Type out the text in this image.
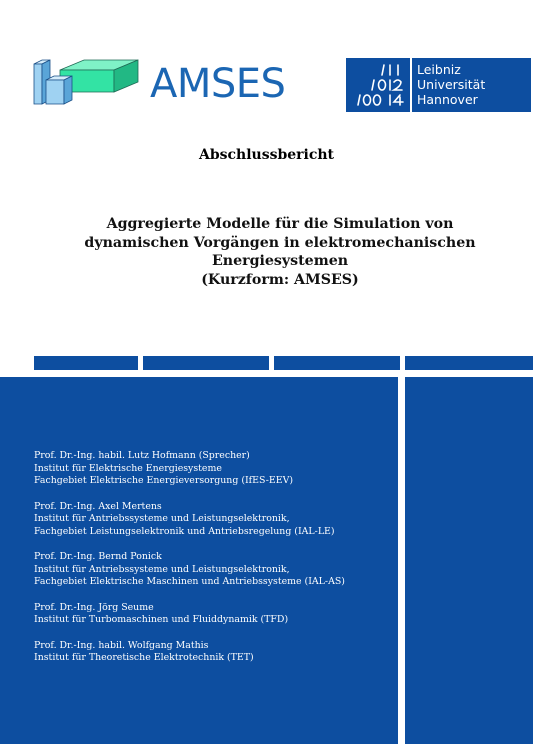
AMSES	Leibniz
Universität
Hannover
Abschlussbericht
Aggregierte Modelle für die Simulation von
dynamischen Vorgängen in elektromechanischen
Energiesystemen
(Kurzform: AMSES)
Prof. Dr.-Ing. habil. Lutz Hofmann (Sprecher)
Institut für Elektrische Energiesysteme
Fachgebiet Elektrische Energieversorgung (IfES-EEV)
Prof. Dr.-Ing. Axel Mertens
Institut für Antriebssysteme und Leistungselektronik,
Fachgebiet Leistungselektronik und Antriebsregelung (IAL-LE)
Prof. Dr.-Ing. Bernd Ponick
Institut für Antriebssysteme und Leistungselektronik,
Fachgebiet Elektrische Maschinen und Antriebssysteme (IAL-AS)
Prof. Dr.-Ing. Jörg Seume
Institut für Turbomaschinen und Fluiddynamik (TFD)
Prof. Dr.-Ing. habil. Wolfgang Mathis
Institut für Theoretische Elektrotechnik (TET)
